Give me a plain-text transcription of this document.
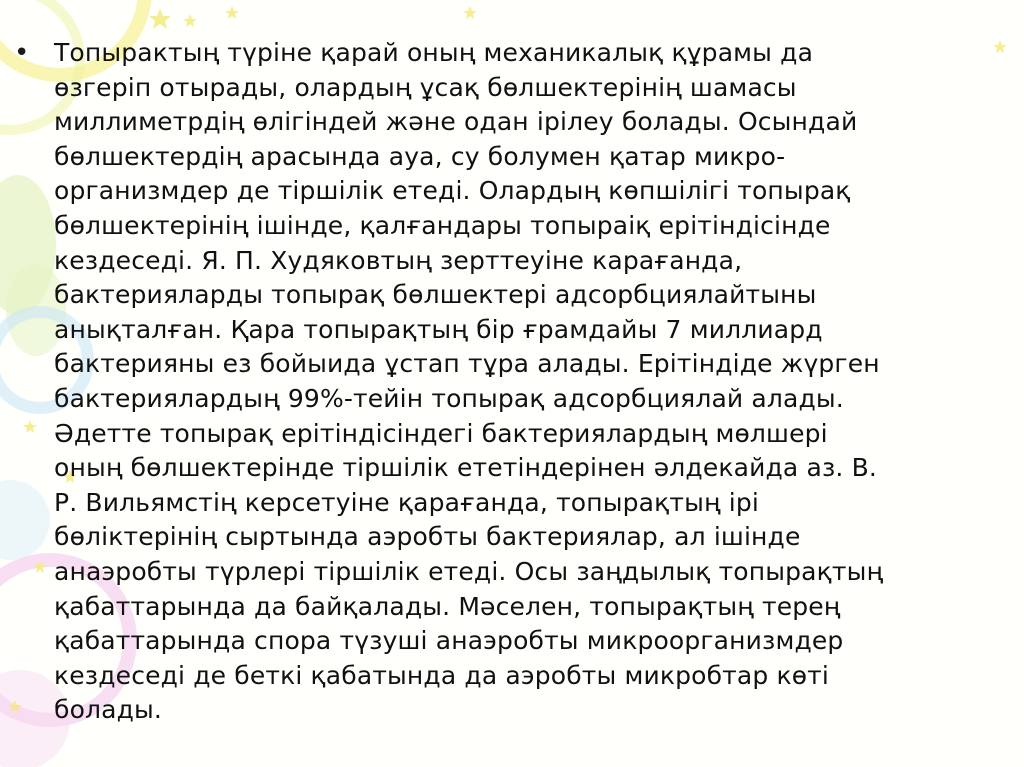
• Топырактың түріне қарай оның механикалық құрамы да
өзгеріп отырады, олардың ұсақ бөлшектерінің шамасы
миллиметрдің өлігіндей және одан ірілеу болады. Осындай
бөлшектердің арасында ауа, су болумен қатар микро-
организмдер де тіршілік етеді. Олардың көпшілігі топырақ
бөлшектерінің ішінде, қалғандары топыраіқ ерітіндісінде
кездеседі. Я. П. Худяковтың зерттеуіне карағанда,
бактерияларды топырақ бөлшектері адсорбциялайтыны
анықталған. Қара топырақтың бір ғрамдайы 7 миллиард
бактерияны ез бойыида ұстап тұра алады. Ерітіндіде жүрген
бактериялардың 99%-тейін топырақ адсорбциялай алады.
Әдетте топырақ ерітіндісіндегі бактериялардың мөлшері
оның бөлшектерінде тіршілік ететіндерінен әлдекайда аз. В.
Р. Вильямстің керсетуіне қарағанда, топырақтың ірі
бөліктерінің сыртында аэробты бактериялар, ал ішінде
анаэробты түрлері тіршілік етеді. Осы заңдылық топырақтың
қабаттарында да байқалады. Мәселен, топырақтың терең
қабаттарында спора түзуші анаэробты микроорганизмдер
кездеседі де беткі қабатында да аэробты микробтар көті
болады.
